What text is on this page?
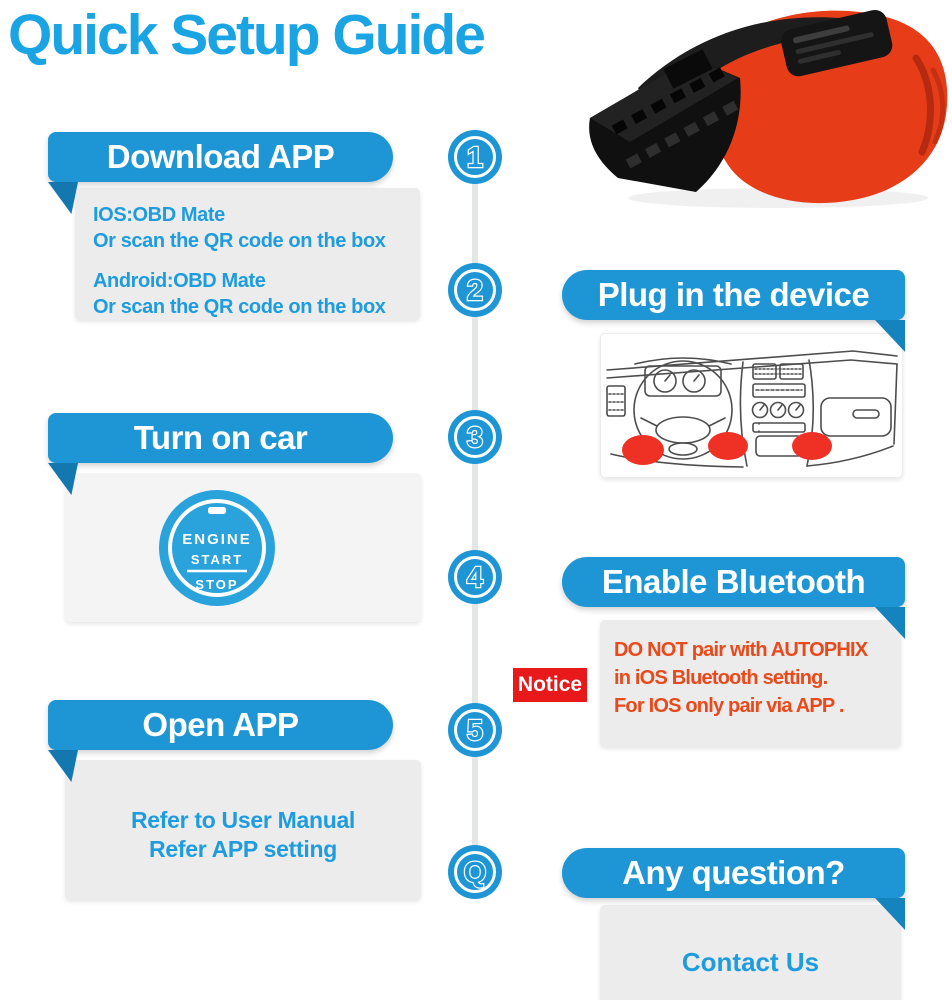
Quick Setup Guide
1
2
3
4
5
Q
Download APP
Plug in the device
Turn on car
Enable Bluetooth
Open APP
Any question?
IOS:OBD Mate
Or scan the QR code on the box
Android:OBD Mate
Or scan the QR code on the box
ENGINE
START
STOP
Notice
DO NOT pair with AUTOPHIX
in iOS Bluetooth setting.
For IOS only pair via APP .
Refer to User Manual
Refer APP setting
Contact Us
